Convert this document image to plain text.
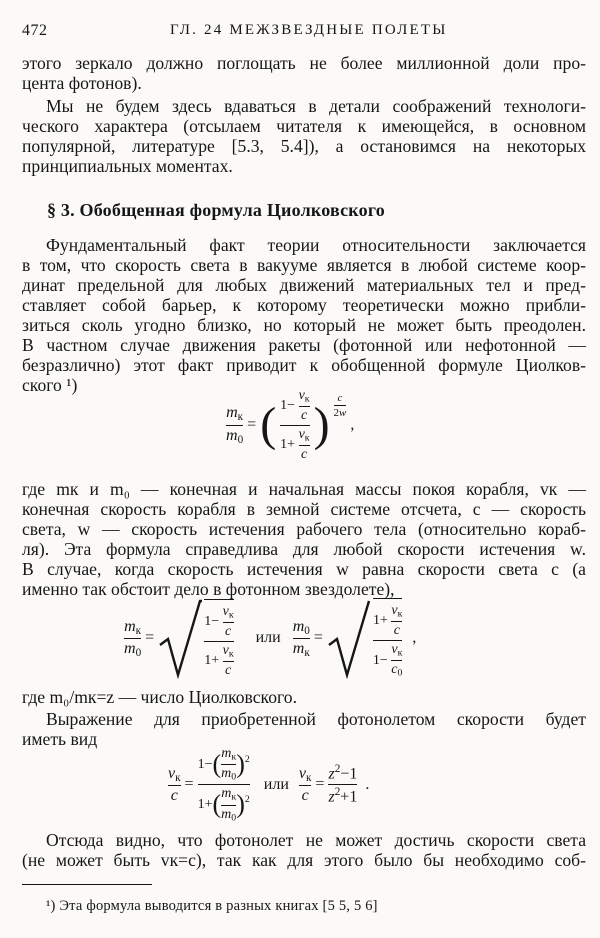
472	ГЛ. 24 МЕЖЗВЕЗДНЫЕ ПОЛЕТЫ
этого зеркало должно поглощать не более миллионной доли про-
цента фотонов).
Мы не будем здесь вдаваться в детали соображений технологи-
ческого характера (отсылаем читателя к имеющейся, в основном
популярной, литературе [5.3, 5.4]), а остановимся на некоторых
принципиальных моментах.
§ 3. Обобщенная формула Циолковского
Фундаментальный факт теории относительности заключается
в том, что скорость света в вакууме является в любой системе коор-
динат предельной для любых движений материальных тел и пред-
ставляет собой барьер, к которому теоретически можно прибли-
зиться сколь угодно близко, но который не может быть преодолен.
В частном случае движения ракеты (фотонной или нефотонной —
безразлично) этот факт приводит к обобщенной формуле Циолков-
ского ¹)
$\frac{m_к}{m_0}$ = ( $\frac{1- \frac{v_к}{c}}{1+ \frac{v_к}{c}}$ ) $\frac{c}{2w}$
,
где mк и m₀ — конечная и начальная массы покоя корабля, vк —
конечная скорость корабля в земной системе отсчета, c — скорость
света, w — скорость истечения рабочего тела (относительно кораб-
ля). Эта формула справедлива для любой скорости истечения w.
В случае, когда скорость истечения w равна скорости света c (а
именно так обстоит дело в фотонном звездолете),
$\frac{m_к}{m_0}$ =	$\frac{1- \frac{v_к}{c}}{1+ \frac{v_к}{c}}$ или $\frac{m_0}{m_к}$ =	$\frac{1+ \frac{v_к}{c}}{1- \frac{v_к}{c_0}}$ ,
где m₀/mк=z — число Циолковского.
Выражение для приобретенной фотонолетом скорости будет
иметь вид
$\frac{v_к}{c} = \frac{1-( \frac{m_к}{m_0} )^2}{1+( \frac{m_к}{m_0} )^2}$ или $\frac{v_к}{c} = \frac{z^2-1}{z^2+1}$ .
Отсюда видно, что фотонолет не может достичь скорости света
(не может быть vк=c), так как для этого было бы необходимо соб-
¹) Эта формула выводится в разных книгах [5 5, 5 6]
